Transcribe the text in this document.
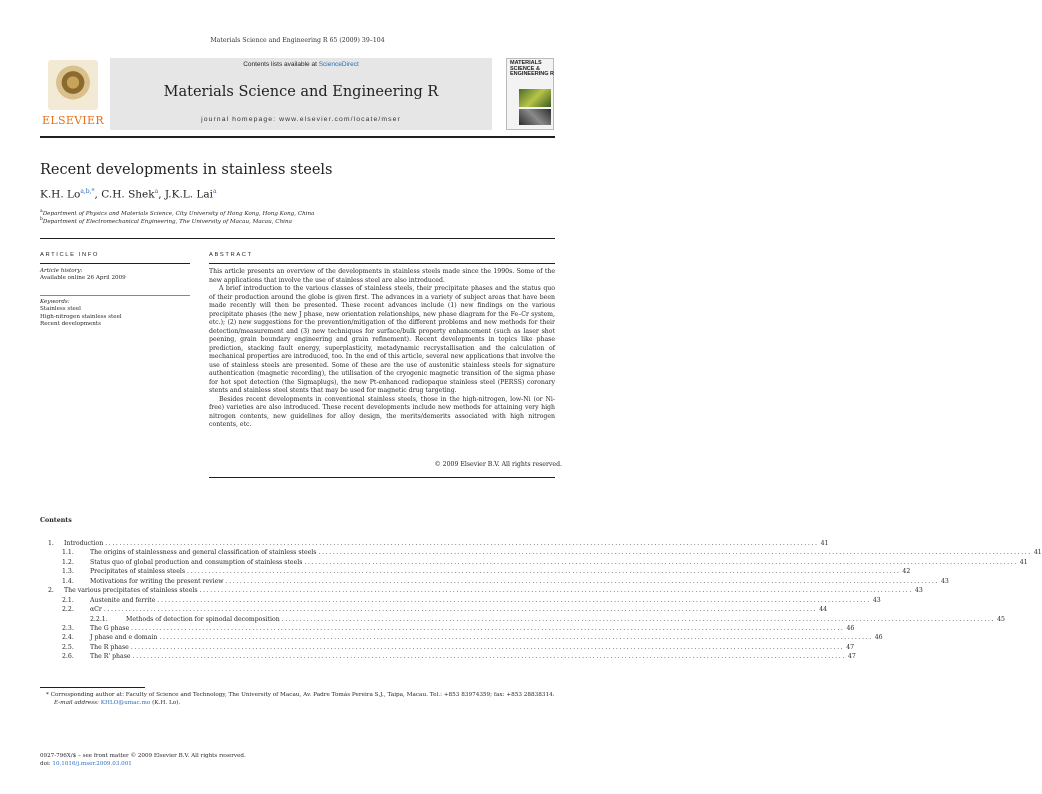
Materials Science and Engineering R 65 (2009) 39–104
ELSEVIER
Contents lists available at ScienceDirect
Materials Science and Engineering R
journal homepage: www.elsevier.com/locate/mser
MATERIALS SCIENCE & ENGINEERING R
Recent developments in stainless steels
K.H. $Lo^{a,b,*}$, C.H. Shek$^a$, J.K.L. Lai$^a$
$^a$Department of Physics and Materials Science, City University of Hong Kong, Hong Kong, China
$^b$Department of Electromechanical Engineering, The University of Macau, Macau, China
ARTICLE INFO	ABSTRACT
Article history:
Available online 26 April 2009
Keywords:
Stainless steel
High-nitrogen stainless steel
Recent developments

This article presents an overview of the developments in stainless steels made since the 1990s. Some of the new applications that involve the use of stainless steel are also introduced.

A brief introduction to the various classes of stainless steels, their precipitate phases and the status quo of their production around the globe is given first. The advances in a variety of subject areas that have been made recently will then be presented. These recent advances include (1) new findings on the various precipitate phases (the new J phase, new orientation relationships, new phase diagram for the Fe–Cr system, etc.); (2) new suggestions for the prevention/mitigation of the different problems and new methods for their detection/measurement and (3) new techniques for surface/bulk property enhancement (such as laser shot peening, grain boundary engineering and grain refinement). Recent developments in topics like phase prediction, stacking fault energy, superplasticity, metadynamic recrystallisation and the calculation of mechanical properties are introduced, too. In the end of this article, several new applications that involve the use of stainless steels are presented. Some of these are the use of austenitic stainless steels for signature authentication (magnetic recording), the utilisation of the cryogenic magnetic transition of the sigma phase for hot spot detection (the Sigmaplugs), the new Pt-enhanced radiopaque stainless steel (PERSS) coronary stents and stainless steel stents that may be used for magnetic drug targeting.

Besides recent developments in conventional stainless steels, those in the high-nitrogen, low-Ni (or Ni-free) varieties are also introduced. These recent developments include new methods for attaining very high nitrogen contents, new guidelines for alloy design, the merits/demerits associated with high nitrogen contents, etc.

© 2009 Elsevier B.V. All rights reserved.
Contents
1. Introduction ........................................................................................................................................................................................................ 41
1.1.	The origins of stainlessness and general classification of stainless steels ........................................................................................................................................................................................................ 41
1.2.	Status quo of global production and consumption of stainless steels ........................................................................................................................................................................................................ 41
1.3.	Precipitates of stainless steels ........................................................................................................................................................................................................ 42
1.4.	Motivations for writing the present review ........................................................................................................................................................................................................ 43
2. The various precipitates of stainless steels ........................................................................................................................................................................................................ 43
2.1.	Austenite and ferrite ........................................................................................................................................................................................................ 43
2.2.	αCr ........................................................................................................................................................................................................ 44
2.2.1.	Methods of detection for spinodal decomposition ........................................................................................................................................................................................................ 45
2.3.	The G phase ........................................................................................................................................................................................................ 46
2.4.	J phase and e domain ........................................................................................................................................................................................................ 46
2.5.	The R phase ........................................................................................................................................................................................................ 47
2.6.	The R' phase ........................................................................................................................................................................................................ 47
* Corresponding author at: Faculty of Science and Technology, The University of Macau, Av. Padre Tomás Pereira S.J., Taipa, Macau. Tel.: +853 83974359; fax: +853 28838314.
E-mail address: KHLO@umac.mo (K.H. Lo).
0927-796X/$ – see front matter © 2009 Elsevier B.V. All rights reserved.
doi: 10.1016/j.mser.2009.03.001
